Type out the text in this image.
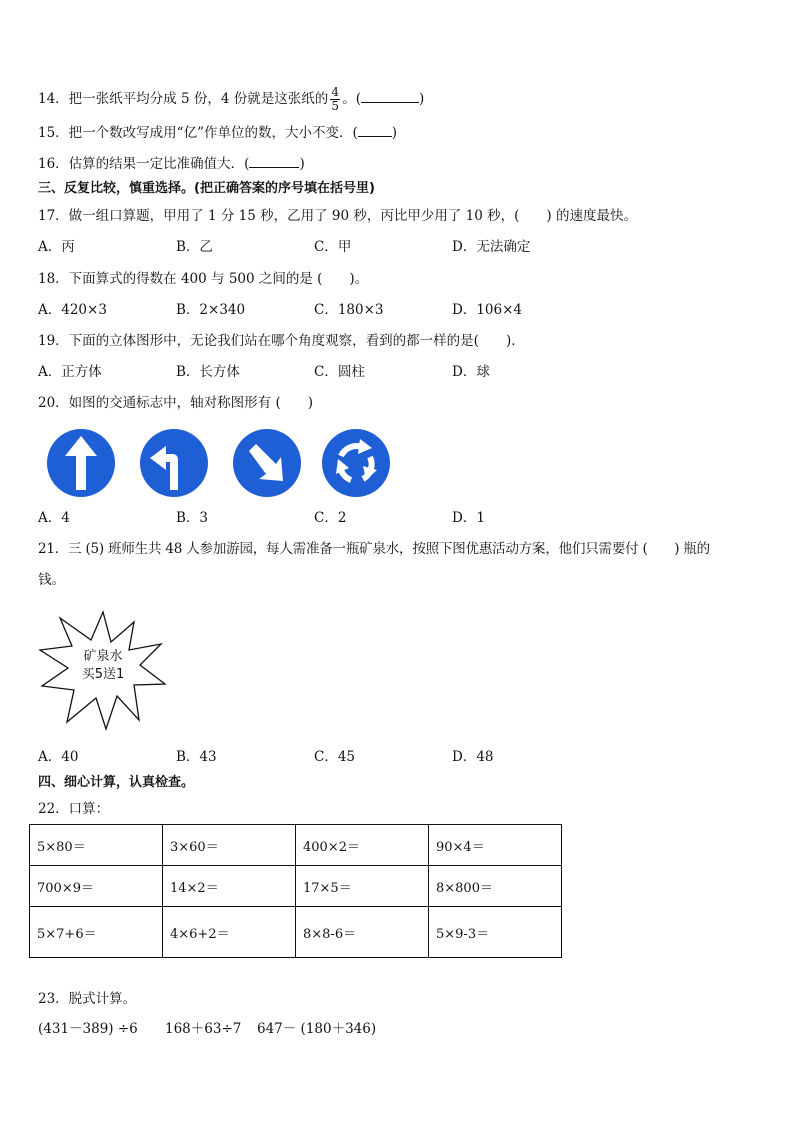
14．把一张纸平均分成 5 份，4 份就是这张纸的 $\frac{4}{5}$ 。(	)
15．把一个数改写成用“亿”作单位的数，大小不变．(	)
16．估算的结果一定比准确值大．(	)
三、反复比较，慎重选择。(把正确答案的序号填在括号里)
17．做一组口算题，甲用了 1 分 15 秒，乙用了 90 秒，丙比甲少用了 10 秒，(　　) 的速度最快。
A．丙	B．乙	C．甲	D．无法确定
18．下面算式的得数在 400 与 500 之间的是 (　　)。
A．420×3	B．2×340	C．180×3	D．106×4
19．下面的立体图形中，无论我们站在哪个角度观察，看到的都一样的是(　　)．
A．正方体	B．长方体	C．圆柱	D．球
20．如图的交通标志中，轴对称图形有 (　　)
A．4	B．3	C．2	D．1
21．三 (5) 班师生共 48 人参加游园，每人需准备一瓶矿泉水，按照下图优惠活动方案，他们只需要付 (　　) 瓶的
钱。
矿泉水
买5送1
A．40	B．43	C．45	D．48
四、细心计算，认真检查。
22．口算：
5×80＝	3×60＝	400×2＝	90×4＝
700×9＝	14×2＝	17×5＝	8×800＝
5×7+6＝	4×6+2＝	8×8-6＝	5×9-3＝
23．脱式计算。
(431－389) ÷6 168＋63÷7 647－ (180＋346)
